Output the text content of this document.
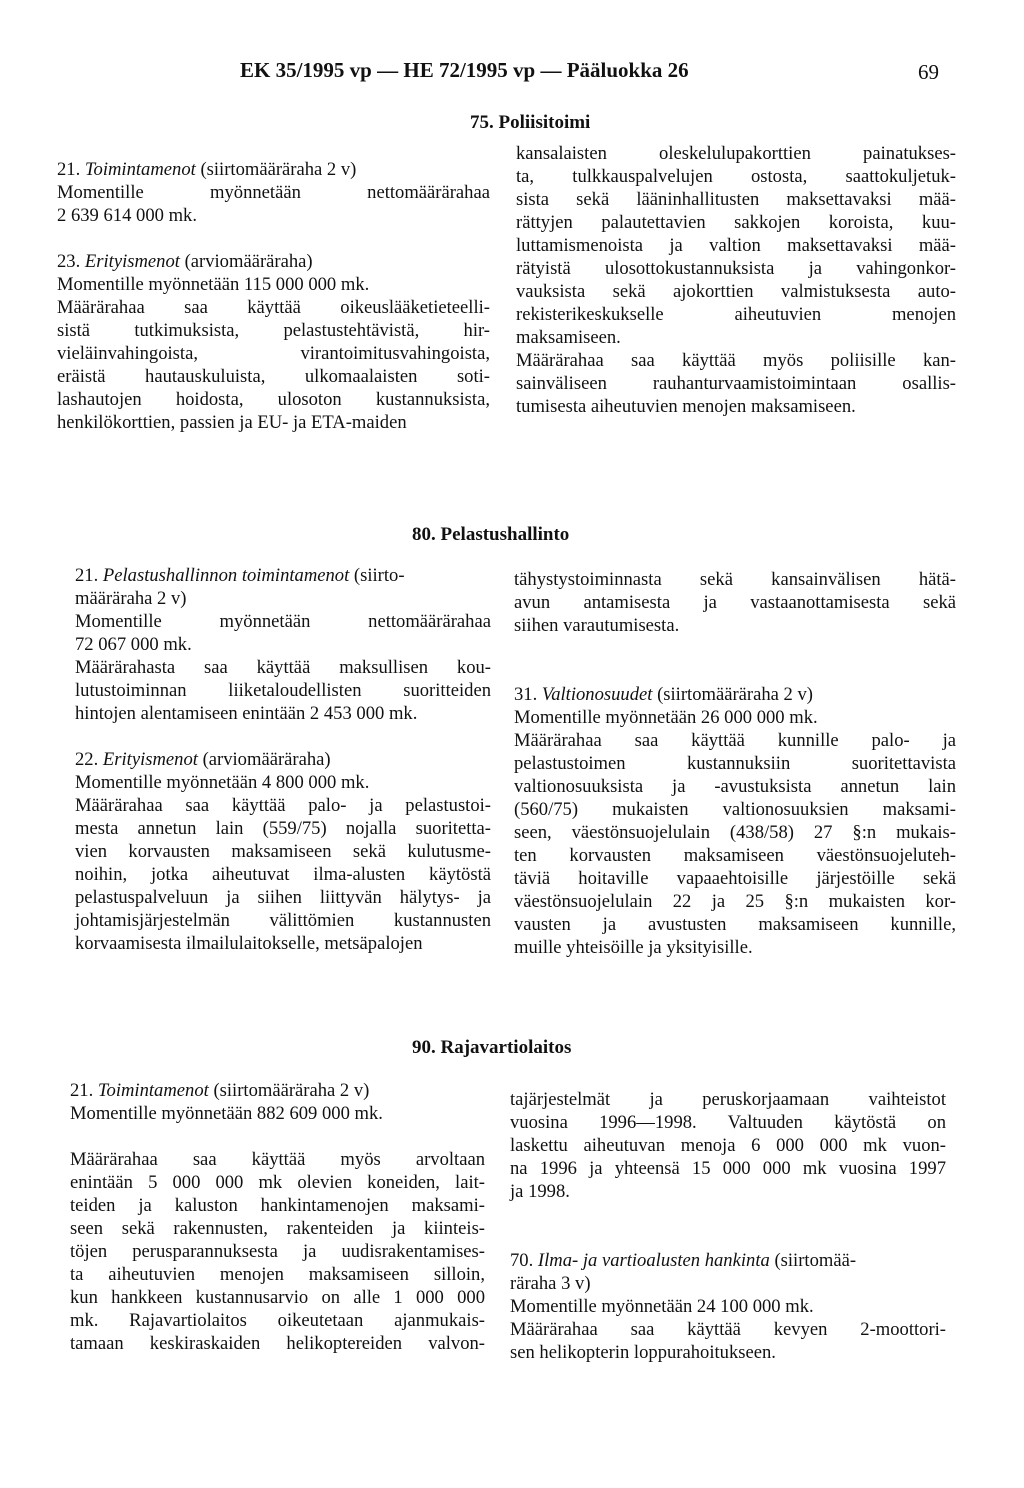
EK 35/1995 vp — HE 72/1995 vp — Pääluokka 26	69
75. Poliisitoimi
21. Toimintamenot (siirtomääräraha 2 v)
Momentille myönnetään nettomäärärahaa
2 639 614 000 mk.
23. Erityismenot (arviomääräraha)
Momentille myönnetään 115 000 000 mk.
Määrärahaa saa käyttää oikeuslääketieteelli-
sistä tutkimuksista, pelastustehtävistä, hir-
vieläinvahingoista, virantoimitusvahingoista,
eräistä hautauskuluista, ulkomaalaisten soti-
lashautojen hoidosta, ulosoton kustannuksista,
henkilökorttien, passien ja EU- ja ETA-maiden
kansalaisten oleskelulupakorttien painatukses-
ta, tulkkauspalvelujen ostosta, saattokuljetuk-
sista sekä lääninhallitusten maksettavaksi mää-
rättyjen palautettavien sakkojen koroista, kuu-
luttamismenoista ja valtion maksettavaksi mää-
rätyistä ulosottokustannuksista ja vahingonkor-
vauksista sekä ajokorttien valmistuksesta auto-
rekisterikeskukselle aiheutuvien menojen
maksamiseen.
Määrärahaa saa käyttää myös poliisille kan-
sainväliseen rauhanturvaamistoimintaan osallis-
tumisesta aiheutuvien menojen maksamiseen.
80. Pelastushallinto
21. Pelastushallinnon toimintamenot (siirto-
määräraha 2 v)
Momentille myönnetään nettomäärärahaa
72 067 000 mk.
Määrärahasta saa käyttää maksullisen kou-
lutustoiminnan liiketaloudellisten suoritteiden
hintojen alentamiseen enintään 2 453 000 mk.
22. Erityismenot (arviomääräraha)
Momentille myönnetään 4 800 000 mk.
Määrärahaa saa käyttää palo- ja pelastustoi-
mesta annetun lain (559/75) nojalla suoritetta-
vien korvausten maksamiseen sekä kulutusme-
noihin, jotka aiheutuvat ilma-alusten käytöstä
pelastuspalveluun ja siihen liittyvän hälytys- ja
johtamisjärjestelmän välittömien kustannusten
korvaamisesta ilmailulaitokselle, metsäpalojen
tähystystoiminnasta sekä kansainvälisen hätä-
avun antamisesta ja vastaanottamisesta sekä
siihen varautumisesta.
31. Valtionosuudet (siirtomääräraha 2 v)
Momentille myönnetään 26 000 000 mk.
Määrärahaa saa käyttää kunnille palo- ja
pelastustoimen kustannuksiin suoritettavista
valtionosuuksista ja -avustuksista annetun lain
(560/75) mukaisten valtionosuuksien maksami-
seen, väestönsuojelulain (438/58) 27 §:n mukais-
ten korvausten maksamiseen väestönsuojeluteh-
täviä hoitaville vapaaehtoisille järjestöille sekä
väestönsuojelulain 22 ja 25 §:n mukaisten kor-
vausten ja avustusten maksamiseen kunnille,
muille yhteisöille ja yksityisille.
90. Rajavartiolaitos
21. Toimintamenot (siirtomääräraha 2 v)
Momentille myönnetään 882 609 000 mk.
Määrärahaa saa käyttää myös arvoltaan
enintään 5 000 000 mk olevien koneiden, lait-
teiden ja kaluston hankintamenojen maksami-
seen sekä rakennusten, rakenteiden ja kiinteis-
töjen perusparannuksesta ja uudisrakentamises-
ta aiheutuvien menojen maksamiseen silloin,
kun hankkeen kustannusarvio on alle 1 000 000
mk. Rajavartiolaitos oikeutetaan ajanmukais-
tamaan keskiraskaiden helikoptereiden valvon-
tajärjestelmät ja peruskorjaamaan vaihteistot
vuosina 1996—1998. Valtuuden käytöstä on
laskettu aiheutuvan menoja 6 000 000 mk vuon-
na 1996 ja yhteensä 15 000 000 mk vuosina 1997
ja 1998.
70. Ilma- ja vartioalusten hankinta (siirtomää-
räraha 3 v)
Momentille myönnetään 24 100 000 mk.
Määrärahaa saa käyttää kevyen 2-moottori-
sen helikopterin loppurahoitukseen.
